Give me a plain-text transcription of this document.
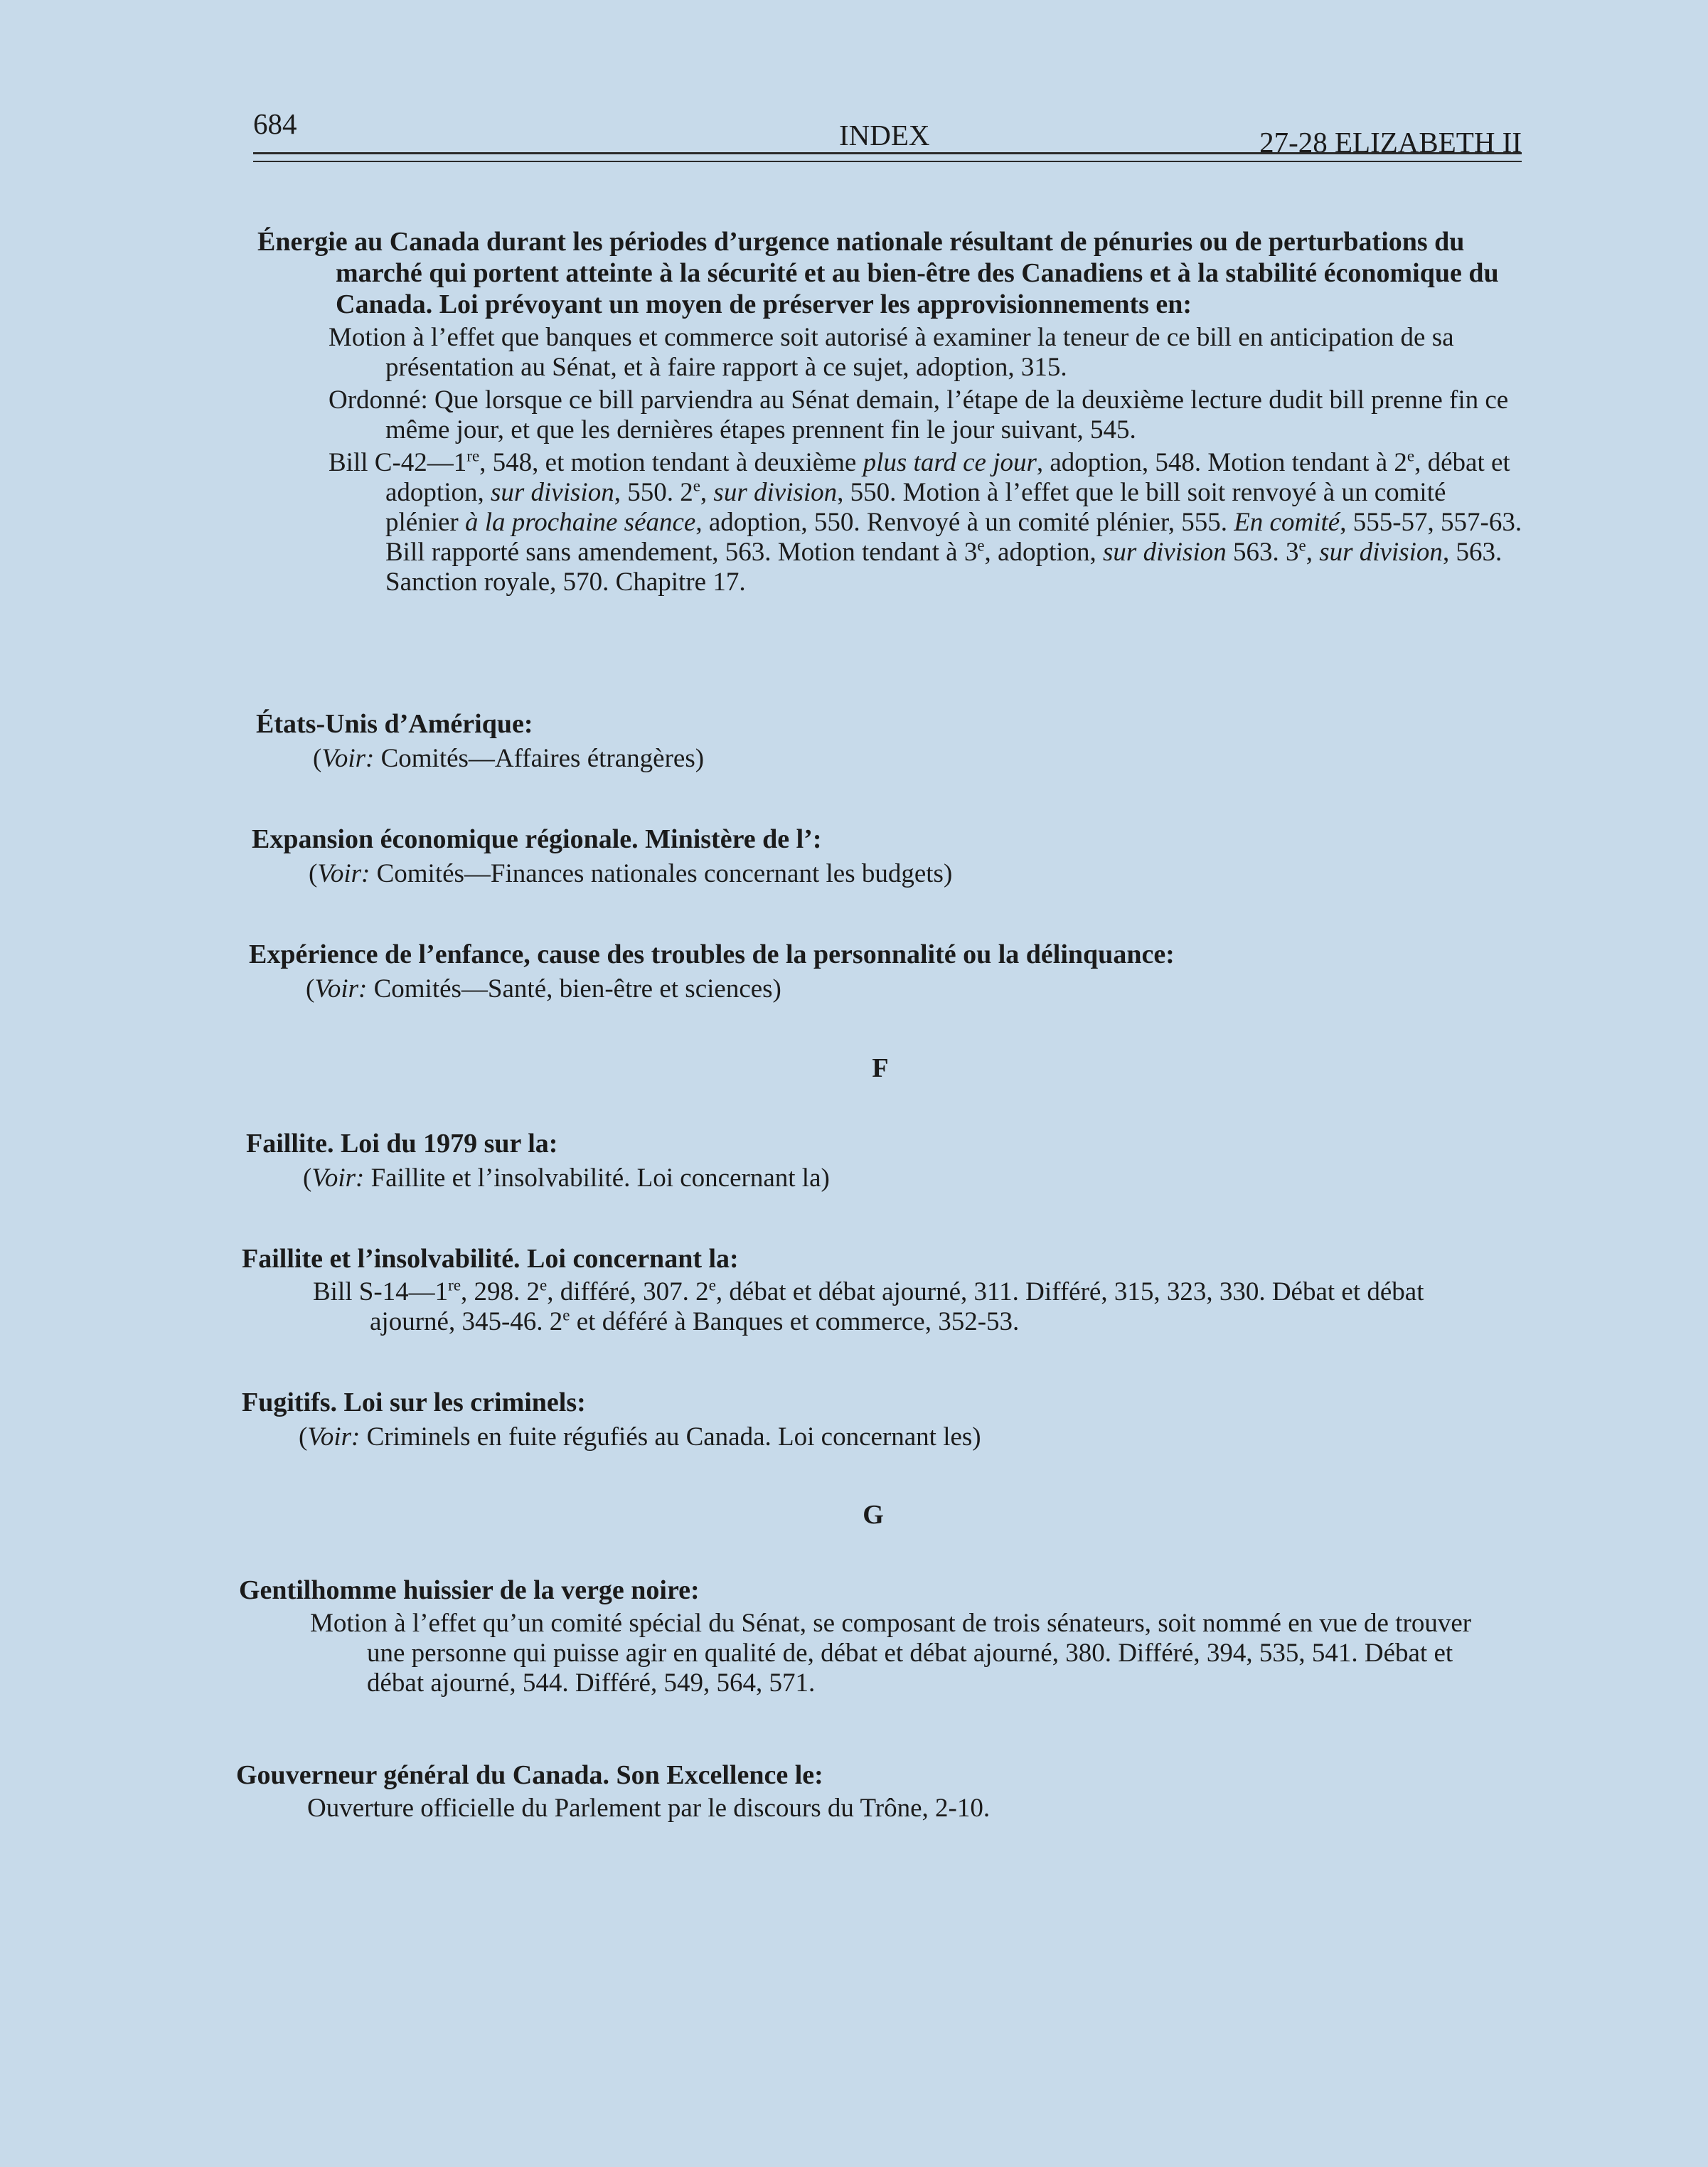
684	INDEX	27-28 ELIZABETH II
Énergie au Canada durant les périodes d’urgence nationale résultant de pénuries ou de perturbations du marché qui portent atteinte à la sécurité et au bien-être des Canadiens et à la stabilité économique du Canada. Loi prévoyant un moyen de préserver les approvisionnements en:
Motion à l’effet que banques et commerce soit autorisé à examiner la teneur de ce bill en anticipation de sa présentation au Sénat, et à faire rapport à ce sujet, adoption, 315.
Ordonné: Que lorsque ce bill parviendra au Sénat demain, l’étape de la deuxième lecture dudit bill prenne fin ce même jour, et que les dernières étapes prennent fin le jour suivant, 545.
Bill C-42—1re, 548, et motion tendant à deuxième plus tard ce jour, adoption, 548. Motion tendant à 2e, débat et adoption, sur division, 550. 2e, sur division, 550. Motion à l’effet que le bill soit renvoyé à un comité plénier à la prochaine séance, adoption, 550. Renvoyé à un comité plénier, 555. En comité, 555-57, 557-63. Bill rapporté sans amendement, 563. Motion tendant à 3e, adoption, sur division 563. 3e, sur division, 563. Sanction royale, 570. Chapitre 17.
États-Unis d’Amérique:
(Voir: Comités—Affaires étrangères)
Expansion économique régionale. Ministère de l’:
(Voir: Comités—Finances nationales concernant les budgets)
Expérience de l’enfance, cause des troubles de la personnalité ou la délinquance:
(Voir: Comités—Santé, bien-être et sciences)
F
Faillite. Loi du 1979 sur la:
(Voir: Faillite et l’insolvabilité. Loi concernant la)
Faillite et l’insolvabilité. Loi concernant la:
Bill S-14—1re, 298. 2e, différé, 307. 2e, débat et débat ajourné, 311. Différé, 315, 323, 330. Débat et débat ajourné, 345-46. 2e et déféré à Banques et commerce, 352-53.
Fugitifs. Loi sur les criminels:
(Voir: Criminels en fuite régufiés au Canada. Loi concernant les)
G
Gentilhomme huissier de la verge noire:
Motion à l’effet qu’un comité spécial du Sénat, se composant de trois sénateurs, soit nommé en vue de trouver une personne qui puisse agir en qualité de, débat et débat ajourné, 380. Différé, 394, 535, 541. Débat et débat ajourné, 544. Différé, 549, 564, 571.
Gouverneur général du Canada. Son Excellence le:
Ouverture officielle du Parlement par le discours du Trône, 2-10.
